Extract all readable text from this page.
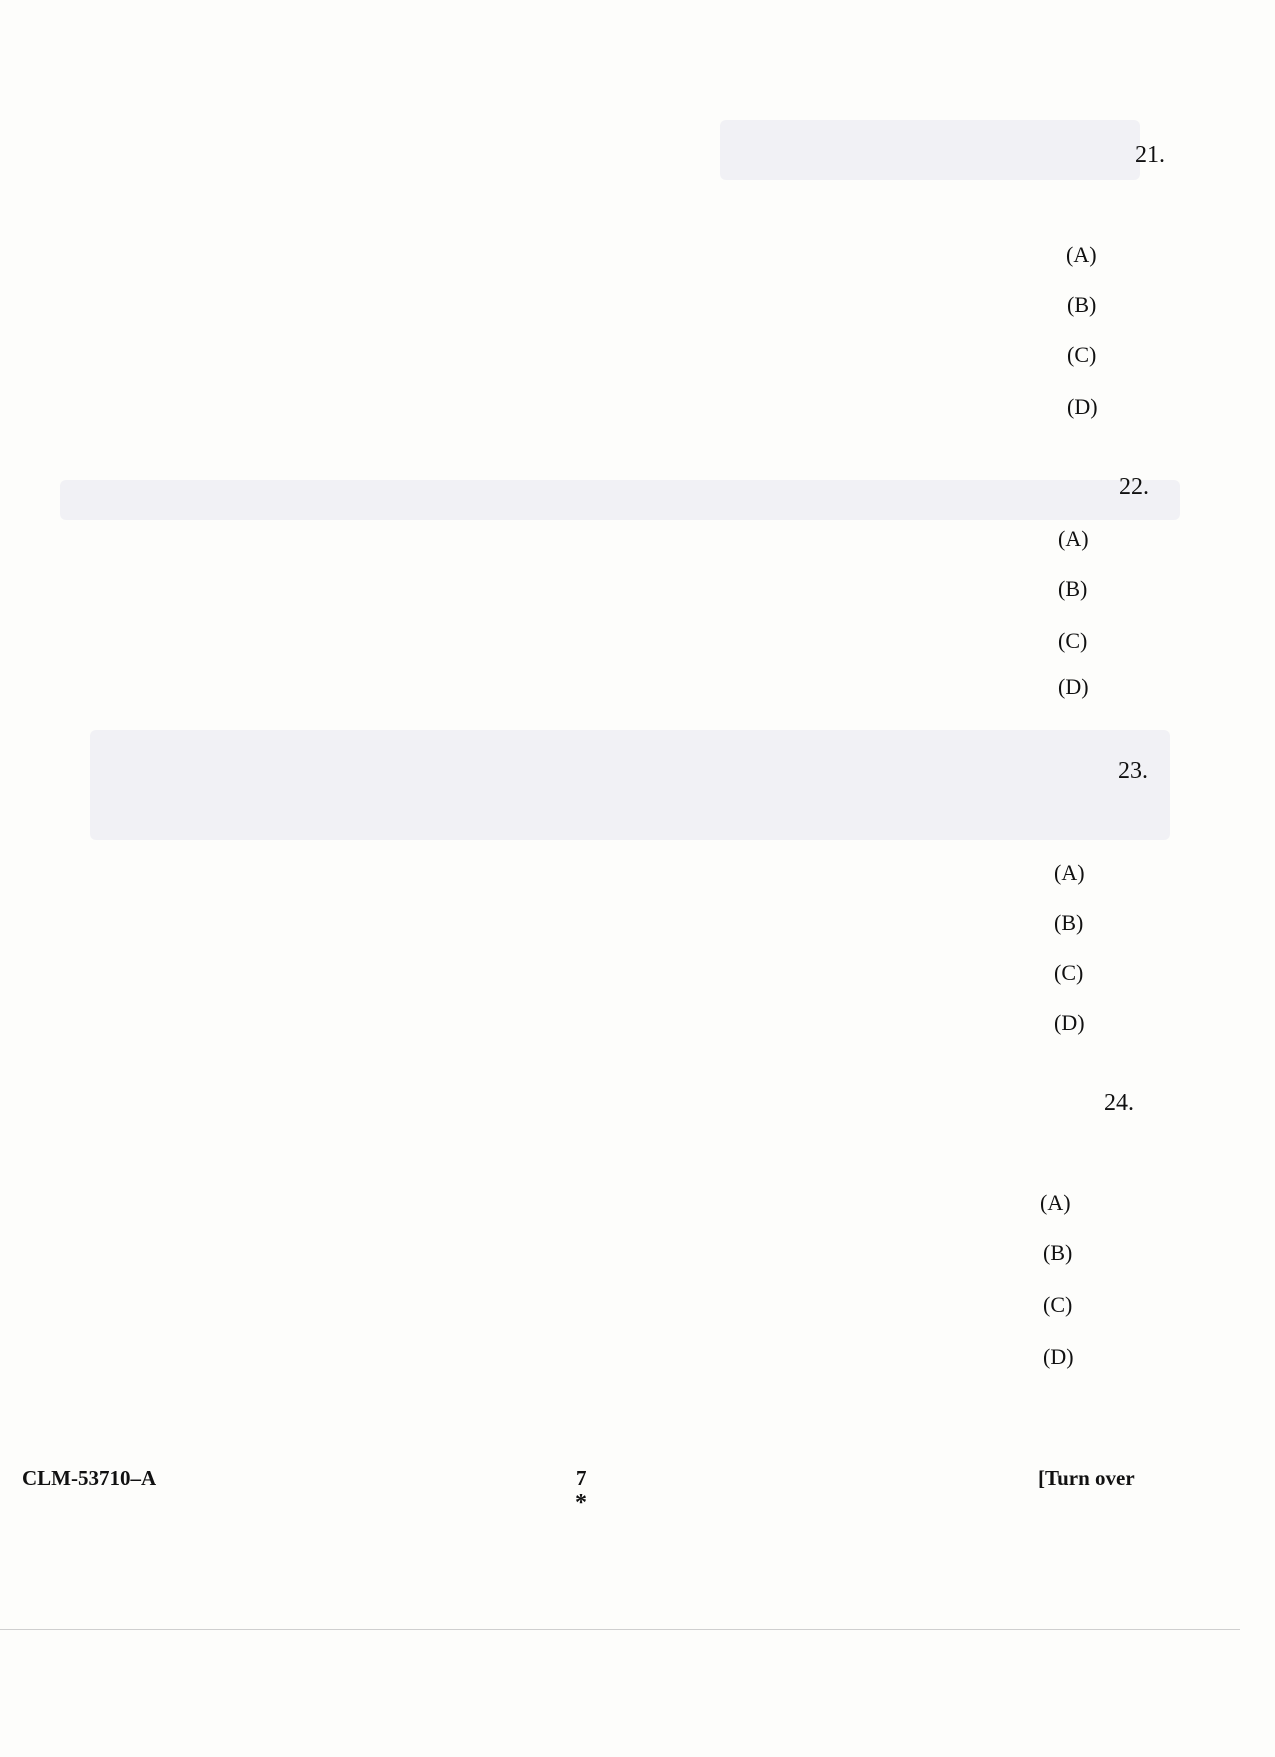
21.
(A)
(B)
(C)
(D)
22.
(A)
(B)
(C)
(D)
23.
(A)
(B)
(C)
(D)
24.
(A)
(B)
(C)
(D)
CLM-53710–A	7
*
[Turn over
